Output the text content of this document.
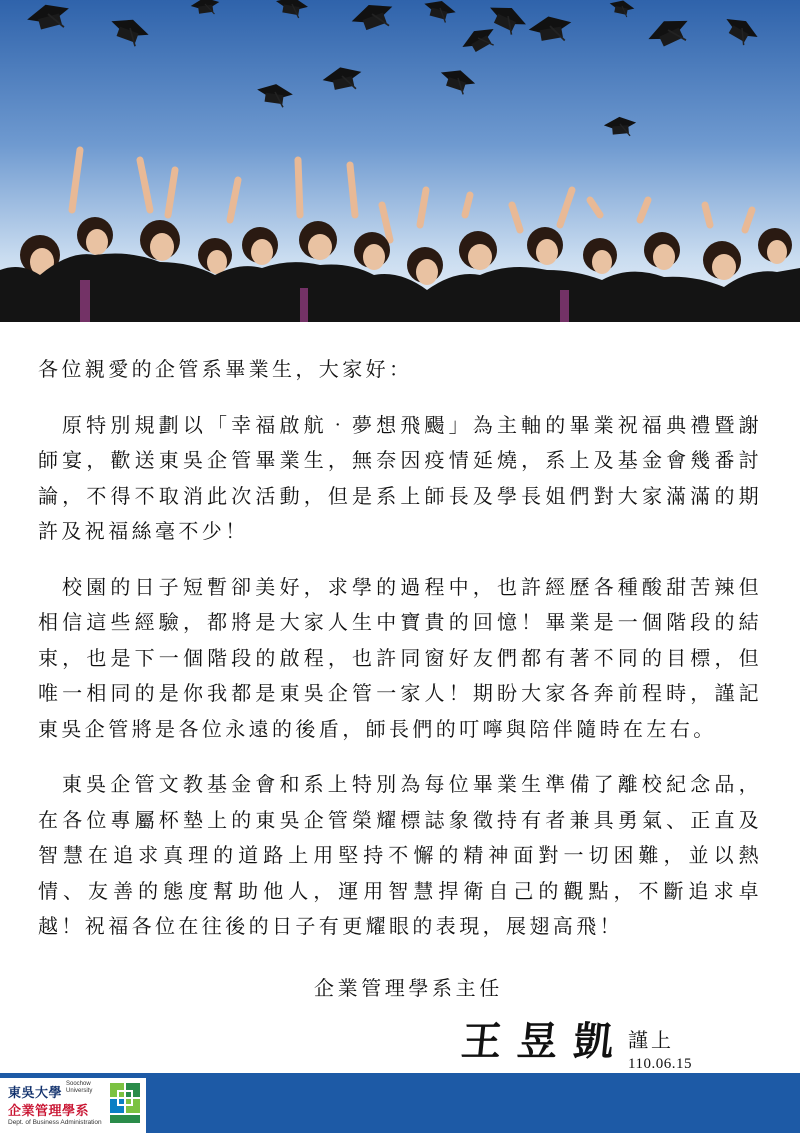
各位親愛的企管系畢業生，大家好：

原特別規劃以「幸福啟航‧夢想飛颺」為主軸的畢業祝福典禮暨謝師宴，歡送東吳企管畢業生，無奈因疫情延燒，系上及基金會幾番討論，不得不取消此次活動，但是系上師長及學長姐們對大家滿滿的期許及祝福絲毫不少！

校園的日子短暫卻美好，求學的過程中，也許經歷各種酸甜苦辣但相信這些經驗，都將是大家人生中寶貴的回憶！畢業是一個階段的結束，也是下一個階段的啟程，也許同窗好友們都有著不同的目標，但唯一相同的是你我都是東吳企管一家人！期盼大家各奔前程時，謹記東吳企管將是各位永遠的後盾，師長們的叮嚀與陪伴隨時在左右。

東吳企管文教基金會和系上特別為每位畢業生準備了離校紀念品，在各位專屬杯墊上的東吳企管榮耀標誌象徵持有者兼具勇氣、正直及智慧在追求真理的道路上用堅持不懈的精神面對一切困難，並以熱情、友善的態度幫助他人，運用智慧捍衛自己的觀點，不斷追求卓越！祝福各位在往後的日子有更耀眼的表現，展翅高飛！

企業管理學系主任
王昱凱
謹上
110.06.15
東吳大學
Soochow
University
企業管理學系
Dept. of Business Administration
